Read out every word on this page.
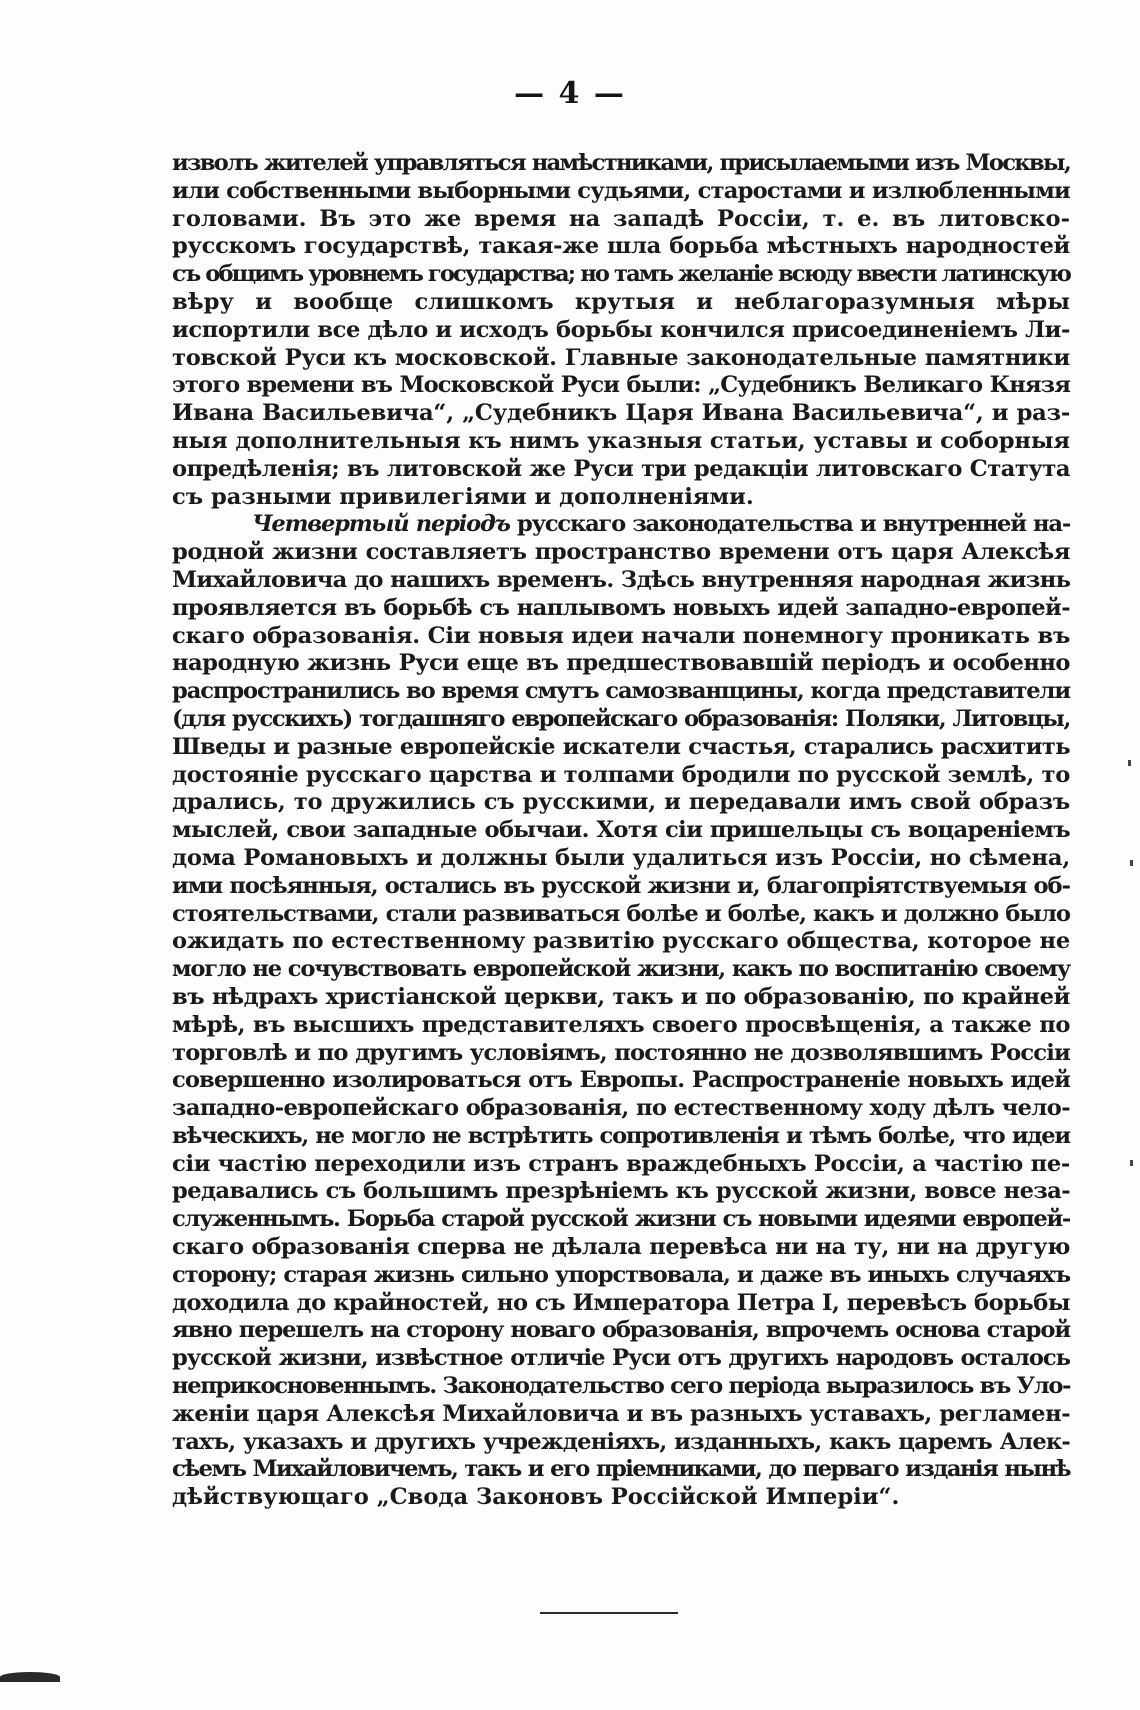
— 4 —
изволъ жителей управляться намѣстниками, присылаемыми изъ Москвы,
или собственными выборными судьями, старостами и излюбленными
головами. Въ это же время на западѣ Россіи, т. е. въ литовско-
русскомъ государствѣ, такая-же шла борьба мѣстныхъ народностей
съ общимъ уровнемъ государства; но тамъ желаніе всюду ввести латинскую
вѣру и вообще слишкомъ крутыя и неблагоразумныя мѣры
испортили все дѣло и исходъ борьбы кончился присоединеніемъ Ли-
товской Руси къ московской. Главные законодательные памятники
этого времени въ Московской Руси были: „Судебникъ Великаго Князя
Ивана Васильевича“, „Судебникъ Царя Ивана Васильевича“, и раз-
ныя дополнительныя къ нимъ указныя статьи, уставы и соборныя
опредѣленія; въ литовской же Руси три редакціи литовскаго Статута
съ разными привилегіями и дополненіями.
Четвертый періодъ русскаго законодательства и внутренней на-
родной жизни составляетъ пространство времени отъ царя Алексѣя
Михайловича до нашихъ временъ. Здѣсь внутренняя народная жизнь
проявляется въ борьбѣ съ наплывомъ новыхъ идей западно-европей-
скаго образованія. Сіи новыя идеи начали понемногу проникать въ
народную жизнь Руси еще въ предшествовавшій періодъ и особенно
распространились во время смутъ самозванщины, когда представители
(для русскихъ) тогдашняго европейскаго образованія: Поляки, Литовцы,
Шведы и разные европейскіе искатели счастья, старались расхитить
достояніе русскаго царства и толпами бродили по русской землѣ, то
дрались, то дружились съ русскими, и передавали имъ свой образъ
мыслей, свои западные обычаи. Хотя сіи пришельцы съ воцареніемъ
дома Романовыхъ и должны были удалиться изъ Россіи, но сѣмена,
ими посѣянныя, остались въ русской жизни и, благопріятствуемыя об-
стоятельствами, стали развиваться болѣе и болѣе, какъ и должно было
ожидать по естественному развитію русскаго общества, которое не
могло не сочувствовать европейской жизни, какъ по воспитанію своему
въ нѣдрахъ христіанской церкви, такъ и по образованію, по крайней
мѣрѣ, въ высшихъ представителяхъ своего просвѣщенія, а также по
торговлѣ и по другимъ условіямъ, постоянно не дозволявшимъ Россіи
совершенно изолироваться отъ Европы. Распространеніе новыхъ идей
западно-европейскаго образованія, по естественному ходу дѣлъ чело-
вѣческихъ, не могло не встрѣтить сопротивленія и тѣмъ болѣе, что идеи
сіи частію переходили изъ странъ враждебныхъ Россіи, а частію пе-
редавались съ большимъ презрѣніемъ къ русской жизни, вовсе неза-
служеннымъ. Борьба старой русской жизни съ новыми идеями европей-
скаго образованія сперва не дѣлала перевѣса ни на ту, ни на другую
сторону; старая жизнь сильно упорствовала, и даже въ иныхъ случаяхъ
доходила до крайностей, но съ Императора Петра I, перевѣсъ борьбы
явно перешелъ на сторону новаго образованія, впрочемъ основа старой
русской жизни, извѣстное отличіе Руси отъ другихъ народовъ осталось
неприкосновеннымъ. Законодательство сего періода выразилось въ Уло-
женіи царя Алексѣя Михайловича и въ разныхъ уставахъ, регламен-
тахъ, указахъ и другихъ учрежденіяхъ, изданныхъ, какъ царемъ Алек-
сѣемъ Михайловичемъ, такъ и его пріемниками, до перваго изданія нынѣ
дѣйствующаго „Свода Законовъ Россійской Имперіи“.
